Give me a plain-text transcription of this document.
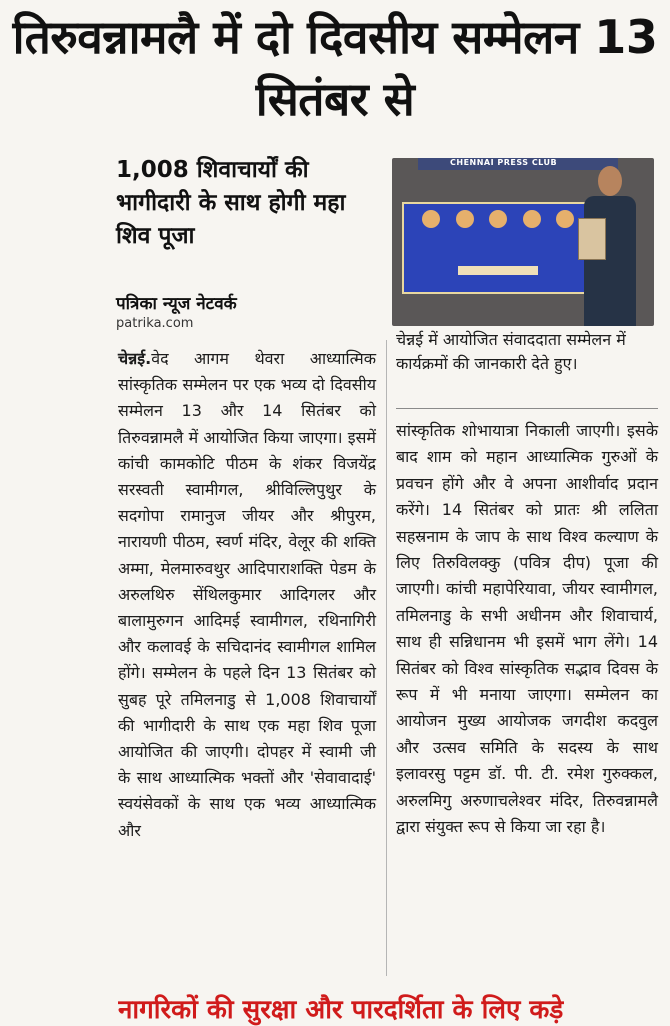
तिरुवन्नामलै में दो दिवसीय सम्मेलन 13 सितंबर से
1,008 शिवाचार्यों की भागीदारी के साथ होगी महा शिव पूजा
पत्रिका न्यूज नेटवर्क
patrika.com
CHENNAI PRESS CLUB

चेन्नई में आयोजित संवाददाता सम्मेलन में कार्यक्रमों की जानकारी देते हुए।

चेन्नई.वेद आगम थेवरा आध्यात्मिक सांस्कृतिक सम्मेलन पर एक भव्य दो दिवसीय सम्मेलन 13 और 14 सितंबर को तिरुवन्नामलै में आयोजित किया जाएगा। इसमें कांची कामकोटि पीठम के शंकर विजयेंद्र सरस्वती स्वामीगल, श्रीविल्लिपुथुर के सदगोपा रामानुज जीयर और श्रीपुरम, नारायणी पीठम, स्वर्ण मंदिर, वेलूर की शक्ति अम्मा, मेलमारुवथुर आदिपाराशक्ति पेडम के अरुलथिरु सेंथिलकुमार आदिगलर और बालामुरुगन आदिमई स्वामीगल, रथिनागिरी और कलावई के सचिदानंद स्वामीगल शामिल होंगे। सम्मेलन के पहले दिन 13 सितंबर को सुबह पूरे तमिलनाडु से 1,008 शिवाचार्यों की भागीदारी के साथ एक महा शिव पूजा आयोजित की जाएगी। दोपहर में स्वामी जी के साथ आध्यात्मिक भक्तों और 'सेवावादाई' स्वयंसेवकों के साथ एक भव्य आध्यात्मिक और

सांस्कृतिक शोभायात्रा निकाली जाएगी। इसके बाद शाम को महान आध्यात्मिक गुरुओं के प्रवचन होंगे और वे अपना आशीर्वाद प्रदान करेंगे। 14 सितंबर को प्रातः श्री ललिता सहस्रनाम के जाप के साथ विश्व कल्याण के लिए तिरुविलक्कु (पवित्र दीप) पूजा की जाएगी। कांची महापेरियावा, जीयर स्वामीगल, तमिलनाडु के सभी अधीनम और शिवाचार्य, साथ ही सन्निधानम भी इसमें भाग लेंगे। 14 सितंबर को विश्व सांस्कृतिक सद्भाव दिवस के रूप में भी मनाया जाएगा। सम्मेलन का आयोजन मुख्य आयोजक जगदीश कदवुल और उत्सव समिति के सदस्य के साथ इलावरसु पट्टम डॉ. पी. टी. रमेश गुरुक्कल, अरुलमिगु अरुणाचलेश्वर मंदिर, तिरुवन्नामलै द्वारा संयुक्त रूप से किया जा रहा है।

नागरिकों की सुरक्षा और पारदर्शिता के लिए कड़े
